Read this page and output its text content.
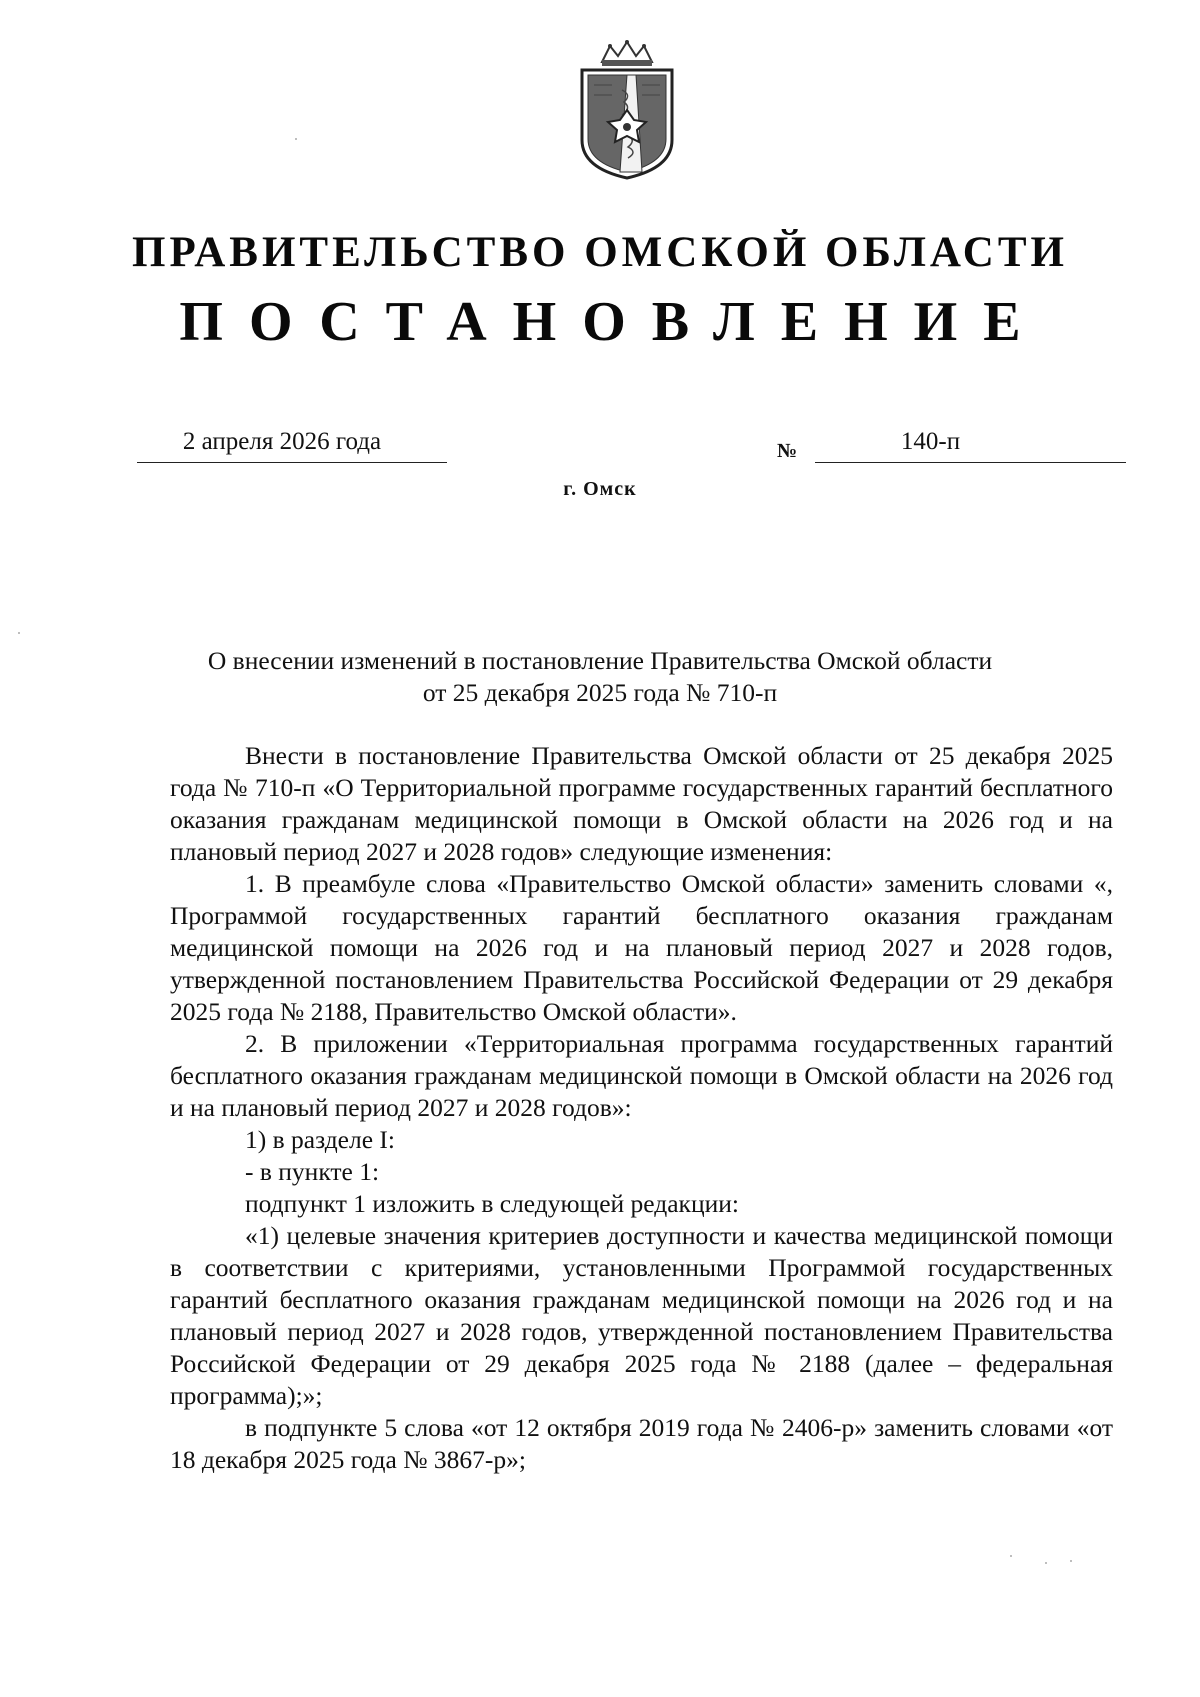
ПРАВИТЕЛЬСТВО ОМСКОЙ ОБЛАСТИ
ПОСТАНОВЛЕНИЕ
2 апреля 2026 года	№	140-п
г. Омск
О внесении изменений в постановление Правительства Омской области
от 25 декабря 2025 года № 710-п

Внести в постановление Правительства Омской области от 25 декабря 2025 года № 710-п «О Территориальной программе государственных гарантий бесплатного оказания гражданам медицинской помощи в Омской области на 2026 год и на плановый период 2027 и 2028 годов» следующие изменения:

1. В преамбуле слова «Правительство Омской области» заменить словами «, Программой государственных гарантий бесплатного оказания гражданам медицинской помощи на 2026 год и на плановый период 2027 и 2028 годов, утвержденной постановлением Правительства Российской Федерации от 29 декабря 2025 года № 2188, Правительство Омской области».

2. В приложении «Территориальная программа государственных гарантий бесплатного оказания гражданам медицинской помощи в Омской области на 2026 год и на плановый период 2027 и 2028 годов»:

1) в разделе I:

- в пункте 1:

подпункт 1 изложить в следующей редакции:

«1) целевые значения критериев доступности и качества медицинской помощи в соответствии с критериями, установленными Программой государственных гарантий бесплатного оказания гражданам медицинской помощи на 2026 год и на плановый период 2027 и 2028 годов, утвержденной постановлением Правительства Российской Федерации от 29 декабря 2025 года № 2188 (далее – федеральная программа);»;

в подпункте 5 слова «от 12 октября 2019 года № 2406-р» заменить словами «от 18 декабря 2025 года № 3867-р»;
